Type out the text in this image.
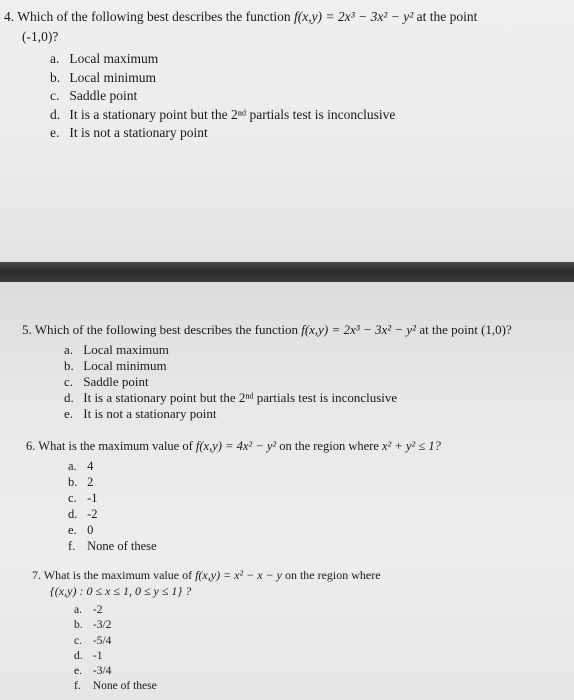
4. Which of the following best describes the function f(x,y) = 2x³ − 3x² − y² at the point
(-1,0)?
a. Local maximum
b. Local minimum
c. Saddle point
d. It is a stationary point but the 2ⁿᵈ partials test is inconclusive
e. It is not a stationary point
5. Which of the following best describes the function f(x,y) = 2x³ − 3x² − y² at the point (1,0)?
a. Local maximum
b. Local minimum
c. Saddle point
d. It is a stationary point but the 2ⁿᵈ partials test is inconclusive
e. It is not a stationary point
6. What is the maximum value of f(x,y) = 4x² − y² on the region where x² + y² ≤ 1?
a. 4
b. 2
c. -1
d. -2
e. 0
f. None of these
7. What is the maximum value of f(x,y) = x² − x − y on the region where
{(x,y) : 0 ≤ x ≤ 1, 0 ≤ y ≤ 1} ?
a. -2
b. -3/2
c. -5/4
d. -1
e. -3/4
f. None of these
